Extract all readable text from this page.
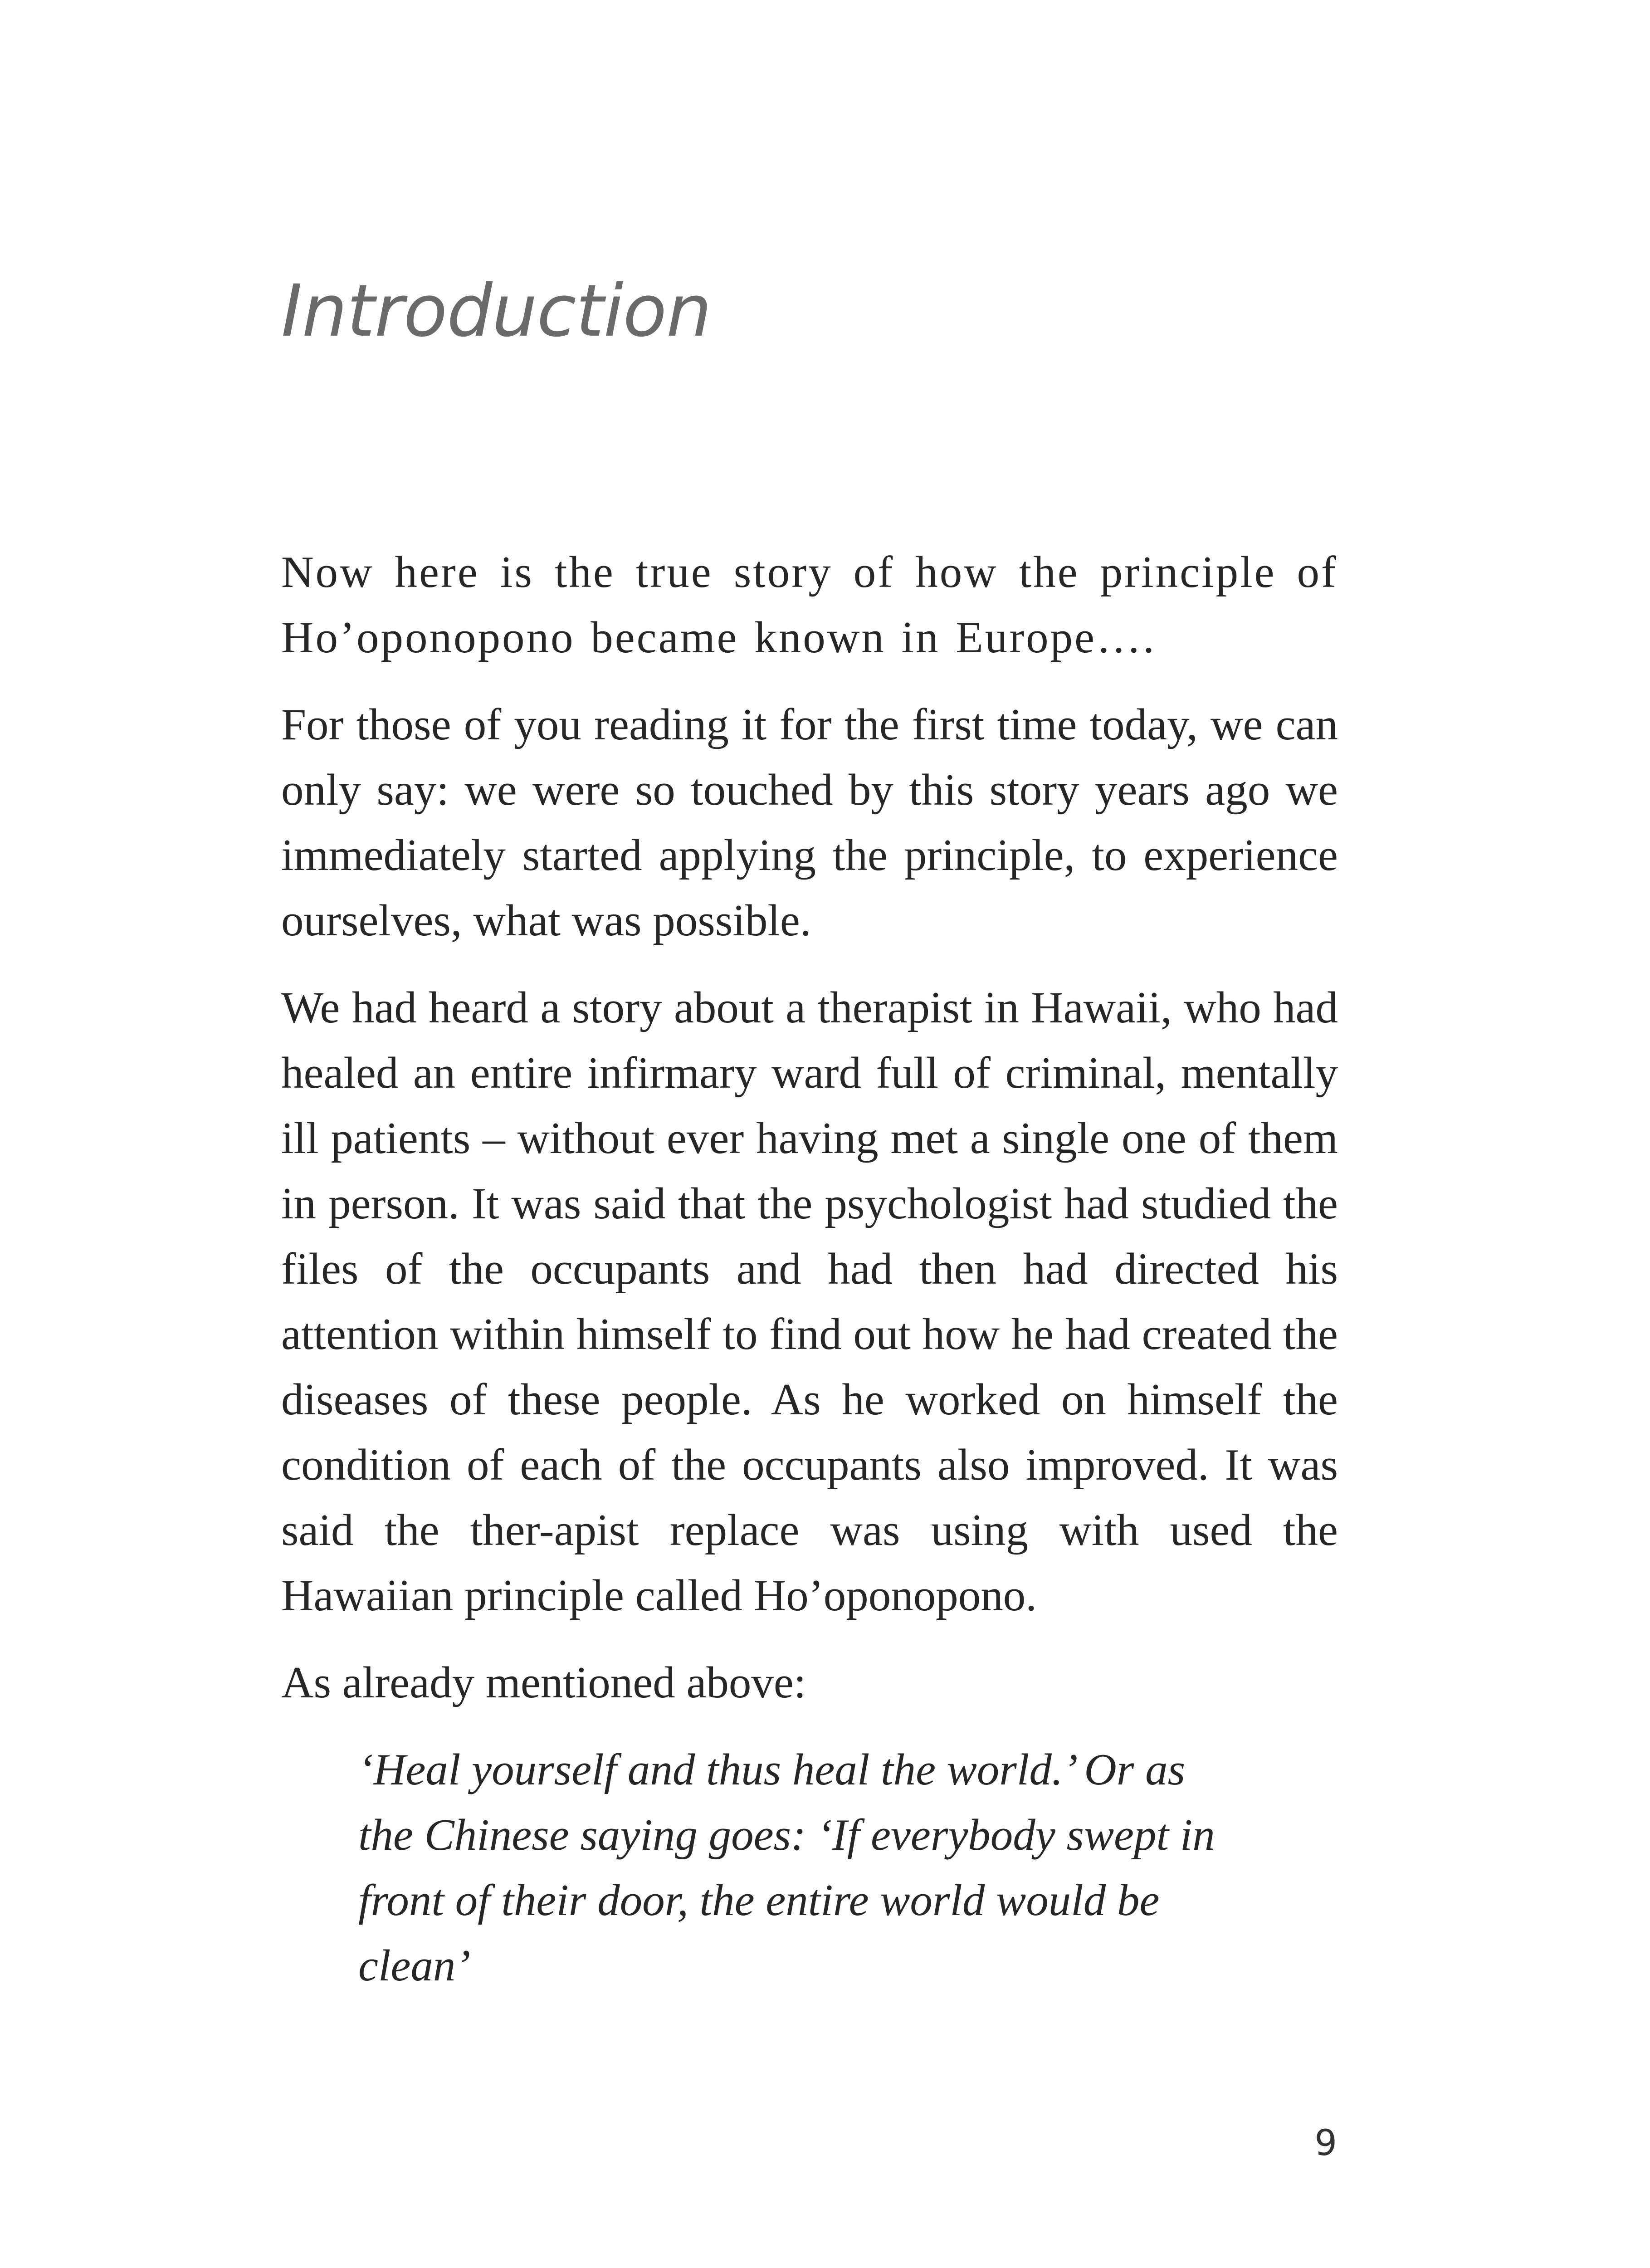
Introduction

Now here is the true story of how the principle of Ho’oponopono became known in Europe….

For those of you reading it for the first time today, we can only say: we were so touched by this story years ago we immediately started applying the principle, to experience ourselves, what was possible.

We had heard a story about a therapist in Hawaii, who had healed an entire infirmary ward full of criminal, mentally ill patients – without ever having met a single one of them in person. It was said that the psychologist had studied the files of the occupants and had then had directed his attention within himself to find out how he had created the diseases of these people. As he worked on himself the condition of each of the occupants also improved. It was said the ther-apist replace was using with used the Hawaiian principle called Ho’oponopono.

As already mentioned above:

‘Heal yourself and thus heal the world.’ Or as the Chinese saying goes: ‘If everybody swept in front of their door, the entire world would be clean’
9
